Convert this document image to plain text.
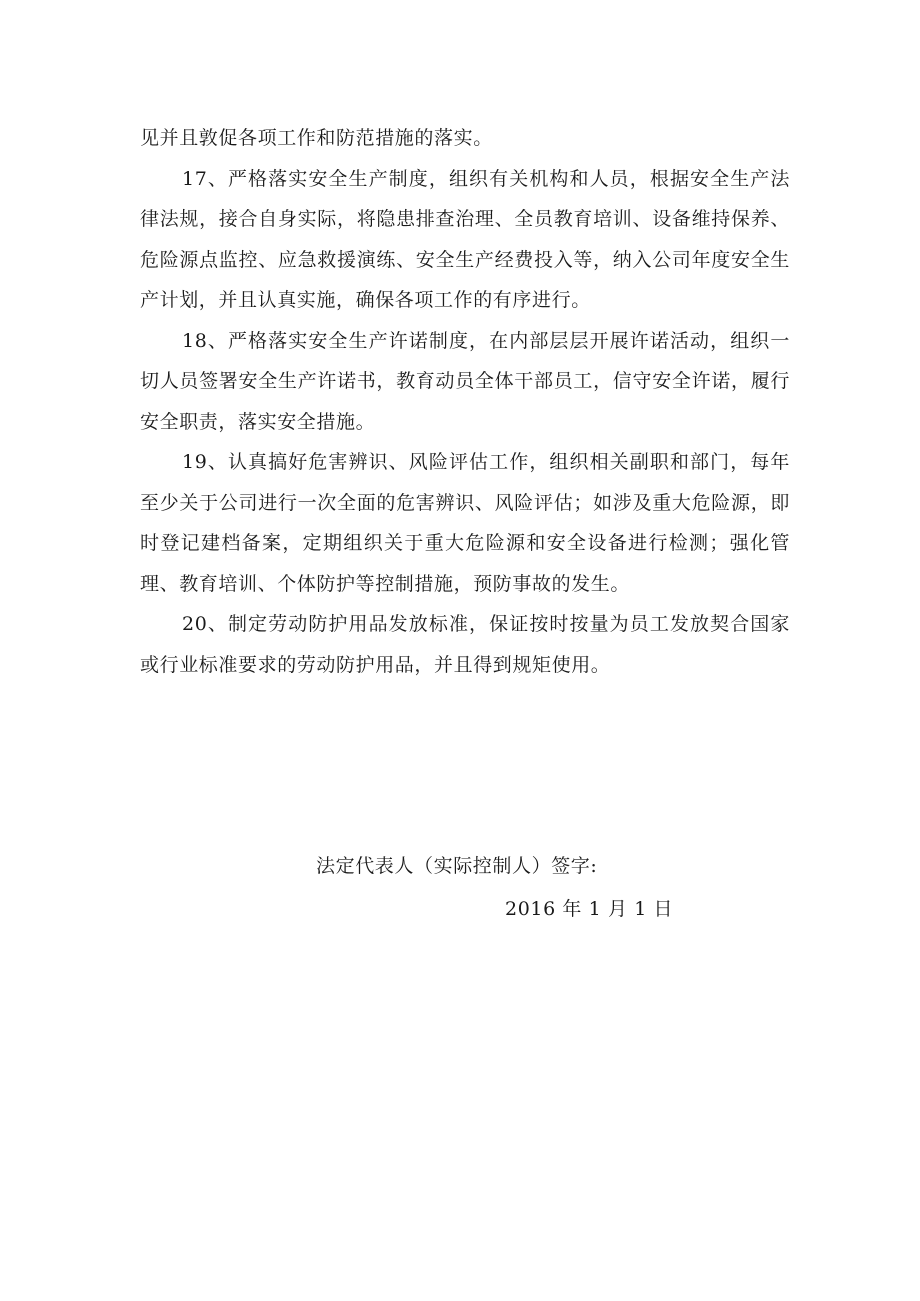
见并且敦促各项工作和防范措施的落实。

17、严格落实安全生产制度，组织有关机构和人员，根据安全生产法律法规，接合自身实际，将隐患排查治理、全员教育培训、设备维持保养、危险源点监控、应急救援演练、安全生产经费投入等，纳入公司年度安全生产计划，并且认真实施，确保各项工作的有序进行。

18、严格落实安全生产许诺制度，在内部层层开展许诺活动，组织一切人员签署安全生产许诺书，教育动员全体干部员工，信守安全许诺，履行安全职责，落实安全措施。

19、认真搞好危害辨识、风险评估工作，组织相关副职和部门，每年至少关于公司进行一次全面的危害辨识、风险评估；如涉及重大危险源，即时登记建档备案，定期组织关于重大危险源和安全设备进行检测；强化管理、教育培训、个体防护等控制措施，预防事故的发生。

20、制定劳动防护用品发放标准，保证按时按量为员工发放契合国家或行业标准要求的劳动防护用品，并且得到规矩使用。

法定代表人（实际控制人）签字:
2016 年 1 月 1 日
